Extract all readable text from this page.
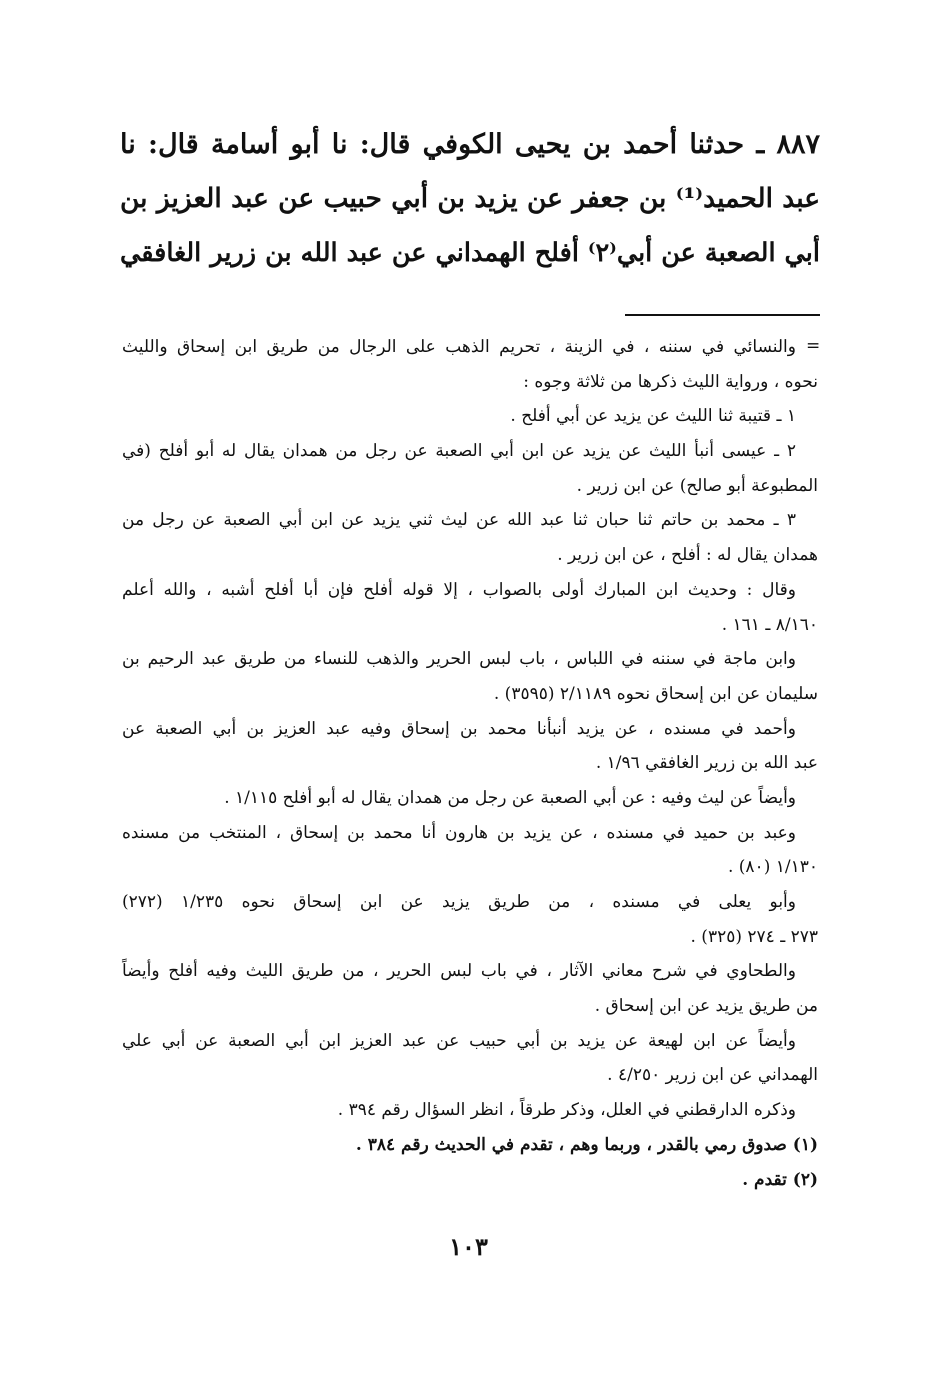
٨٨٧ ـ حدثنا أحمد بن يحيى الكوفي قال: نا أبو أسامة قال: نا
عبد الحميد⁽¹⁾ بن جعفر عن يزيد بن أبي حبيب عن عبد العزيز بن
أبي الصعبة عن أبي⁽٢⁾ أفلح الهمداني عن عبد الله بن زرير الغافقي
=
والنسائي في سننه ، في الزينة ، تحريم الذهب على الرجال من طريق ابن إسحاق والليث
نحوه ، ورواية الليث ذكرها من ثلاثة وجوه :
١ ـ قتيبة ثنا الليث عن يزيد عن أبي أفلح .
٢ ـ عيسى أنبأ الليث عن يزيد عن ابن أبي الصعبة عن رجل من همدان يقال له أبو أفلح (في
المطبوعة أبو صالح) عن ابن زرير .
٣ ـ محمد بن حاتم ثنا حبان ثنا عبد الله عن ليث ثني يزيد عن ابن أبي الصعبة عن رجل من
همدان يقال له : أفلح ، عن ابن زرير .
وقال : وحديث ابن المبارك أولى بالصواب ، إلا قوله أفلح فإن أبا أفلح أشبه ، والله أعلم
٨/١٦٠ ـ ١٦١ .
وابن ماجة في سننه في اللباس ، باب لبس الحرير والذهب للنساء من طريق عبد الرحيم بن
سليمان عن ابن إسحاق نحوه ٢/١١٨٩ (٣٥٩٥) .
وأحمد في مسنده ، عن يزيد أنبأنا محمد بن إسحاق وفيه عبد العزيز بن أبي الصعبة عن
عبد الله بن زرير الغافقي ١/٩٦ .
وأيضاً عن ليث وفيه : عن أبي الصعبة عن رجل من همدان يقال له أبو أفلح ١/١١٥ .
وعبد بن حميد في مسنده ، عن يزيد بن هارون أنا محمد بن إسحاق ، المنتخب من مسنده
١/١٣٠ (٨٠) .
وأبو يعلى في مسنده ، من طريق يزيد عن ابن إسحاق نحوه ١/٢٣٥ (٢٧٢)
٢٧٣ ـ ٢٧٤ (٣٢٥) .
والطحاوي في شرح معاني الآثار ، في باب لبس الحرير ، من طريق الليث وفيه أفلح وأيضاً
من طريق يزيد عن ابن إسحاق .
وأيضاً عن ابن لهيعة عن يزيد بن أبي حبيب عن عبد العزيز ابن أبي الصعبة عن أبي علي
الهمداني عن ابن زرير ٤/٢٥٠ .
وذكره الدارقطني في العلل، وذكر طرقاً ، انظر السؤال رقم ٣٩٤ .
(١) صدوق رمي بالقدر ، وربما وهم ، تقدم في الحديث رقم ٣٨٤ .
(٢) تقدم .
١٠٣
